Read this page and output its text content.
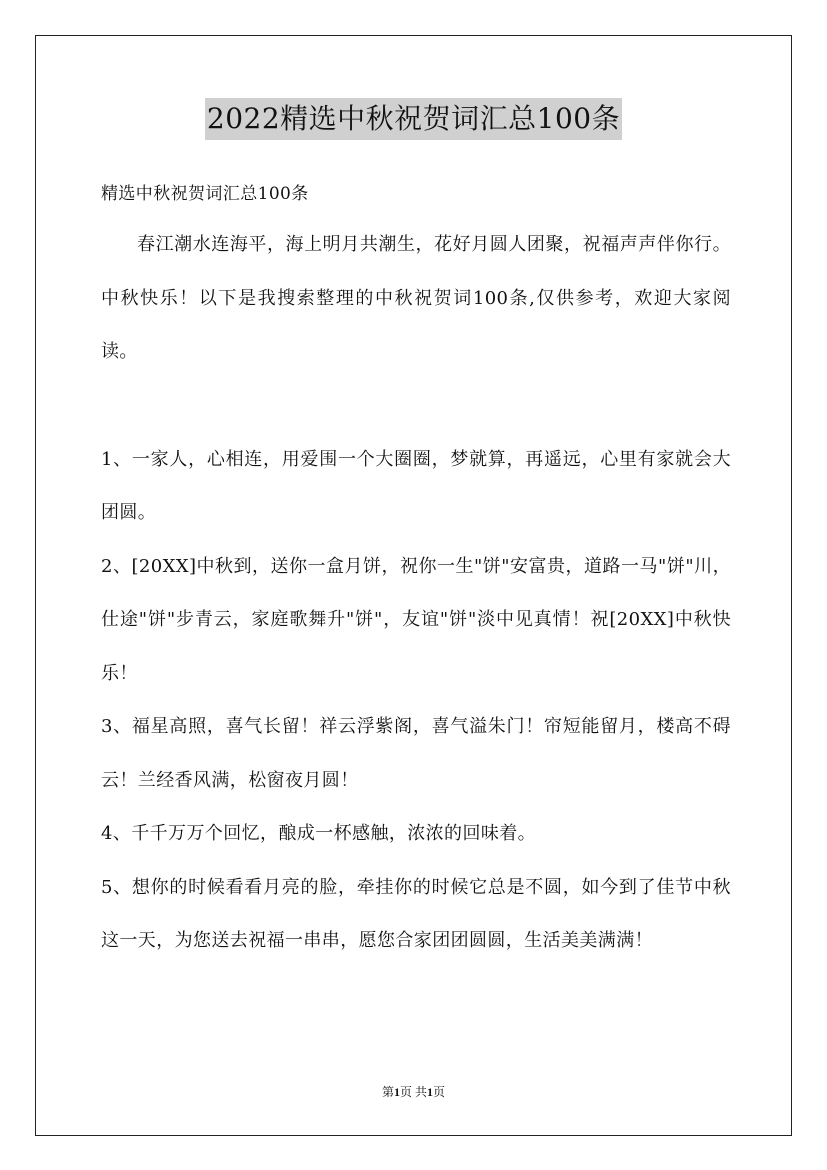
2022精选中秋祝贺词汇总100条

精选中秋祝贺词汇总100条

春江潮水连海平，海上明月共潮生，花好月圆人团聚，祝福声声伴你行。中秋快乐！以下是我搜索整理的中秋祝贺词100条,仅供参考，欢迎大家阅读。

1、一家人，心相连，用爱围一个大圈圈，梦就算，再遥远，心里有家就会大团圆。

2、[20XX]中秋到，送你一盒月饼，祝你一生"饼"安富贵，道路一马"饼"川，仕途"饼"步青云，家庭歌舞升"饼"，友谊"饼"淡中见真情！祝[20XX]中秋快乐！

3、福星高照，喜气长留！祥云浮紫阁，喜气溢朱门！帘短能留月，楼高不碍云！兰经香风满，松窗夜月圆！

4、千千万万个回忆，酿成一杯感触，浓浓的回味着。

5、想你的时候看看月亮的脸，牵挂你的时候它总是不圆，如今到了佳节中秋这一天，为您送去祝福一串串，愿您合家团团圆圆，生活美美满满！

第1页 共1页
